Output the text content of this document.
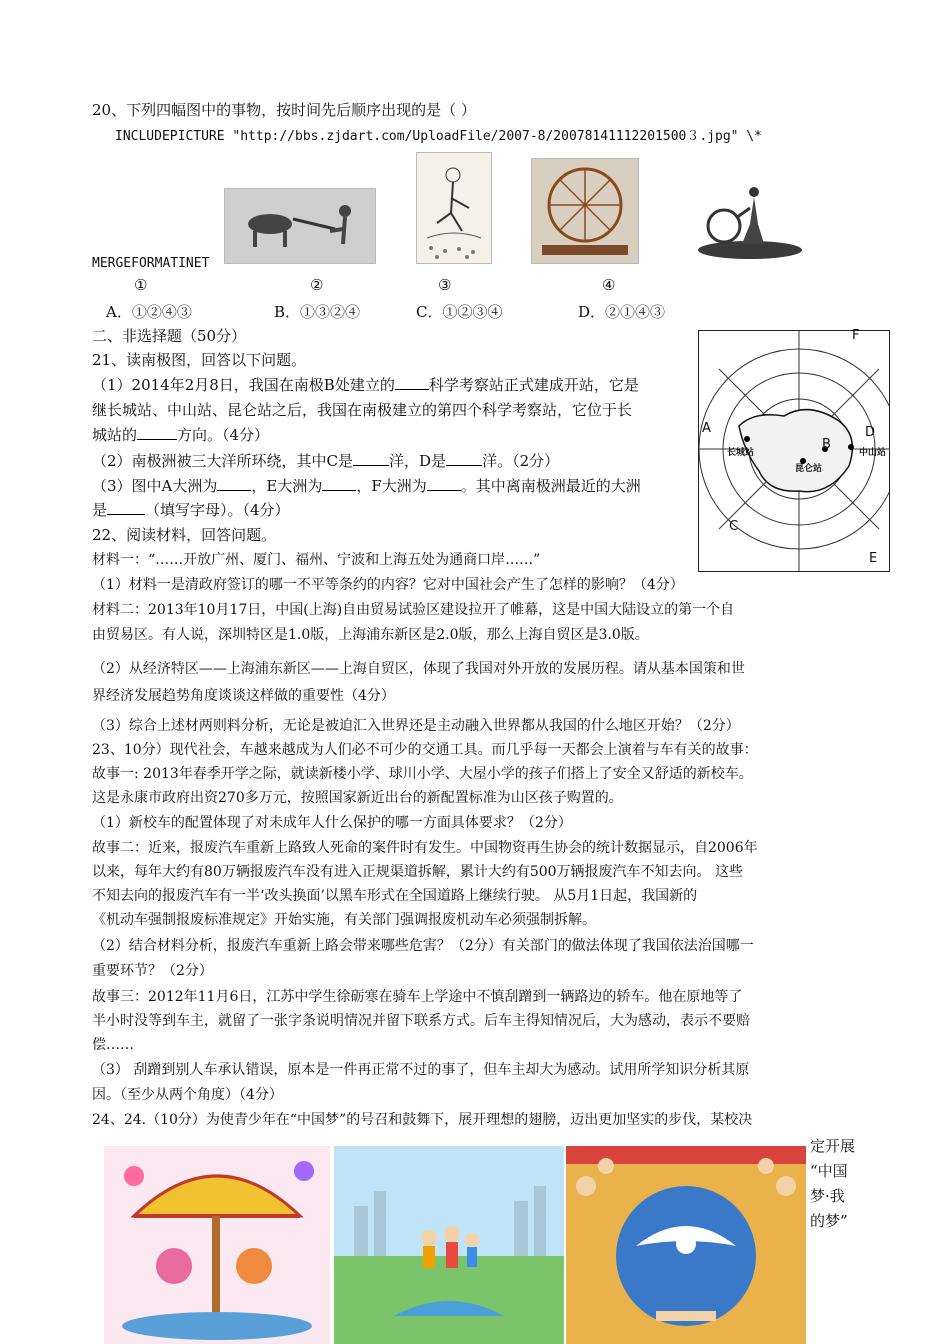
20、下列四幅图中的事物，按时间先后顺序出现的是（ ）
INCLUDEPICTURE "http://bbs.zjdart.com/UploadFile/2007-8/20078141112201500３.jpg" \*
MERGEFORMATINET
①	②	③	④
A．①②④③	B．①③②④	C．①②③④	D．②①④③
二、非选择题（50分）
21、读南极图，回答以下问题。
（1）2014年2月8日，我国在南极B处建立的 科学考察站正式建成开站，它是
继长城站、中山站、昆仑站之后，我国在南极建立的第四个科学考察站，它位于长
城站的	方向。（4分）
（2）南极洲被三大洋所环绕，其中C是 洋，D是 洋。（2分）
（3）图中A大洲为 ，E大洲为 ，F大洲为 。其中离南极洲最近的大洲
是	（填写字母）。（4分）
F
A
B
D
C
E
长城站	中山站
昆仑站
22、阅读材料，回答问题。
材料一：“……开放广州、厦门、福州、宁波和上海五处为通商口岸……”
（1）材料一是清政府签订的哪一不平等条约的内容？它对中国社会产生了怎样的影响？（4分）
材料二：2013年10月17日，中国(上海)自由贸易试验区建设拉开了帷幕，这是中国大陆设立的第一个自
由贸易区。有人说，深圳特区是1.0版，上海浦东新区是2.0版，那么上海自贸区是3.0版。
（2）从经济特区——上海浦东新区——上海自贸区，体现了我国对外开放的发展历程。请从基本国策和世
界经济发展趋势角度谈谈这样做的重要性（4分）
（3）综合上述材两则料分析，无论是被迫汇入世界还是主动融入世界都从我国的什么地区开始？（2分）
23、10分）现代社会，车越来越成为人们必不可少的交通工具。而几乎每一天都会上演着与车有关的故事：
故事一: 2013年春季开学之际，就读新楼小学、球川小学、大屋小学的孩子们搭上了安全又舒适的新校车。
这是永康市政府出资270多万元，按照国家新近出台的新配置标准为山区孩子购置的。
（1）新校车的配置体现了对未成年人什么保护的哪一方面具体要求？（2分）
故事二：近来，报废汽车重新上路致人死命的案件时有发生。中国物资再生协会的统计数据显示，自2006年
以来，每年大约有80万辆报废汽车没有进入正规渠道拆解，累计大约有500万辆报废汽车不知去向。 这些
不知去向的报废汽车有一半‘改头换面’以黑车形式在全国道路上继续行驶。 从5月1日起，我国新的
《机动车强制报废标准规定》开始实施，有关部门强调报废机动车必须强制拆解。
（2）结合材料分析，报废汽车重新上路会带来哪些危害？（2分）有关部门的做法体现了我国依法治国哪一
重要环节？（2分）
故事三：2012年11月6日，江苏中学生徐砺寒在骑车上学途中不慎刮蹭到一辆路边的轿车。他在原地等了
半小时没等到车主，就留了一张字条说明情况并留下联系方式。后车主得知情况后，大为感动，表示不要赔
偿……
（3） 刮蹭到别人车承认错误，原本是一件再正常不过的事了，但车主却大为感动。试用所学知识分析其原
因。（至少从两个角度）（4分）
24、24.（10分）为使青少年在“中国梦”的号召和鼓舞下，展开理想的翅膀，迈出更加坚实的步伐，某校决
定开展
“中国
梦·我
的梦”
